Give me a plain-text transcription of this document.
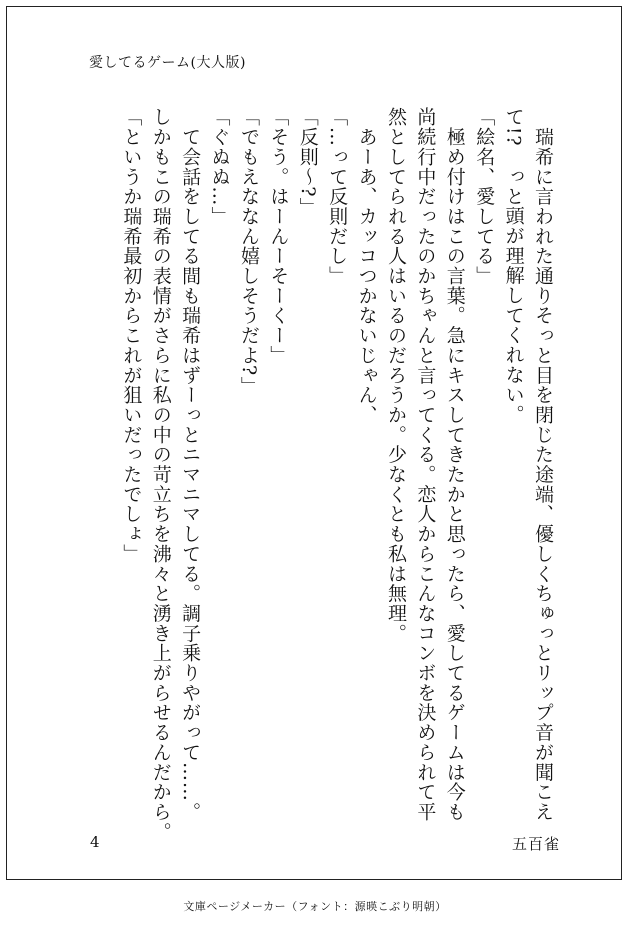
愛してるゲーム(大人版)
　瑞希に言われた通りそっと目を閉じた途端、優しくちゅっとリップ音が聞こえ
て!?　っと頭が理解してくれない。
「絵名、愛してる」
　極め付けはこの言葉。急にキスしてきたかと思ったら、愛してるゲームは今も
尚続行中だったのかちゃんと言ってくる。恋人からこんなコンボを決められて平
然としてられる人はいるのだろうか。少なくとも私は無理。
　あーあ、カッコつかないじゃん、
「…って反則だし」
「反則〜?」
「そう。はーんーそーくー」
「でもえななん嬉しそうだよ?」
「ぐぬぬ…」
　て会話をしてる間も瑞希はずーっとニマニマしてる。調子乗りやがって……。
しかもこの瑞希の表情がさらに私の中の苛立ちを沸々と湧き上がらせるんだから。
「というか瑞希最初からこれが狙いだったでしょ」
4	五百雀
文庫ページメーカー（フォント：源暎こぶり明朝）
